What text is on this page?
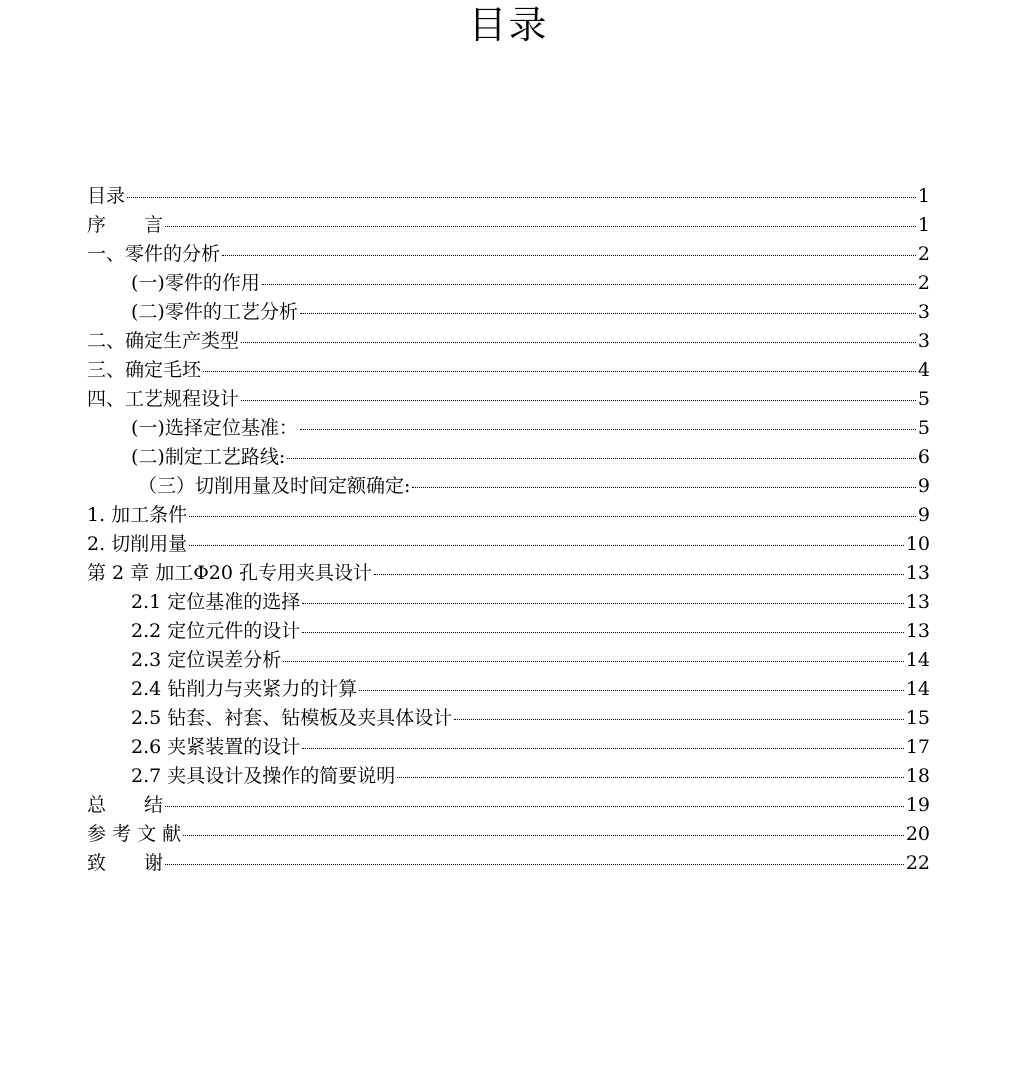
目录
目录	1
序　　言	1
一、零件的分析	2
(一)零件的作用	2
(二)零件的工艺分析	3
二、确定生产类型	3
三、确定毛坯	4
四、工艺规程设计	5
(一)选择定位基准：	5
(二)制定工艺路线:	6
（三）切削用量及时间定额确定:	9
1. 加工条件	9
2. 切削用量	10
第 2 章 加工Φ20 孔专用夹具设计	13
2.1 定位基准的选择	13
2.2 定位元件的设计	13
2.3 定位误差分析	14
2.4 钻削力与夹紧力的计算	14
2.5 钻套、衬套、钻模板及夹具体设计	15
2.6 夹紧装置的设计	17
2.7 夹具设计及操作的简要说明	18
总　　结	19
参 考 文 献	20
致　　谢	22
